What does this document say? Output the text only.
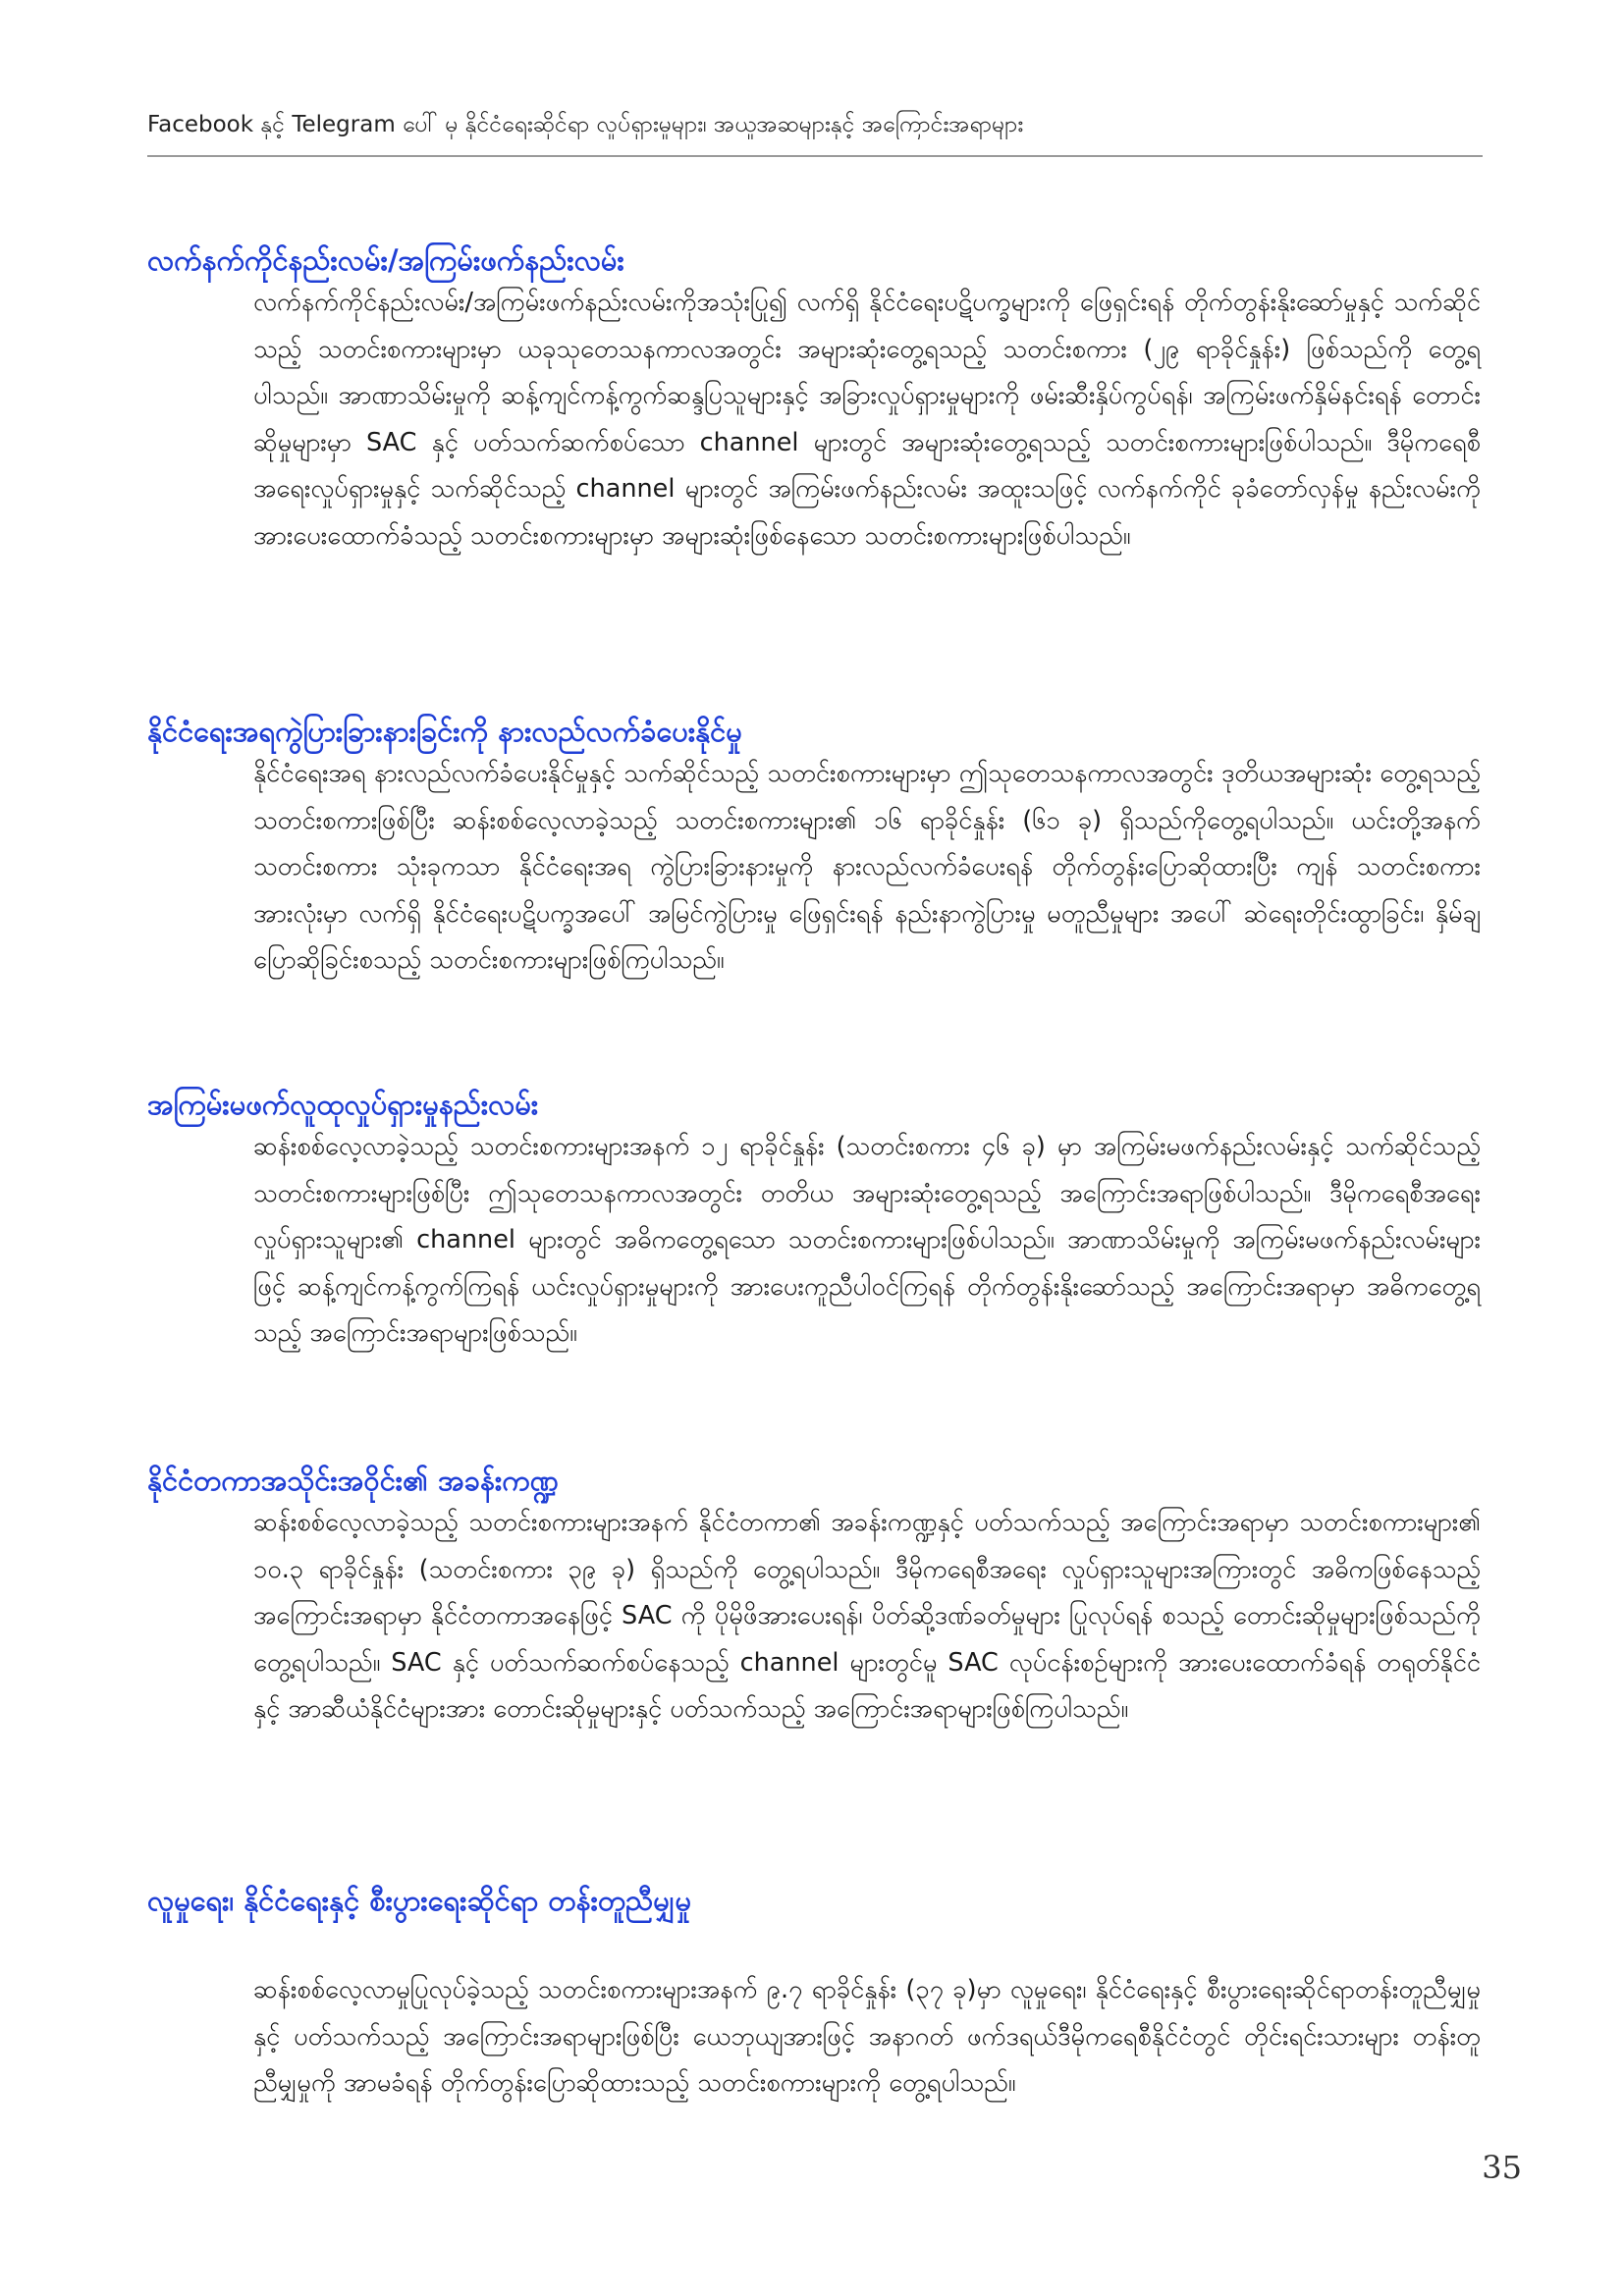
Facebook နှင့် Telegram ပေါ် မှ နိုင်ငံရေးဆိုင်ရာ လှုပ်ရှားမှုများ၊ အယူအဆများနှင့် အကြောင်းအရာများ
လက်နက်ကိုင်နည်းလမ်း/အကြမ်းဖက်နည်းလမ်း

လက်နက်ကိုင်နည်းလမ်း/အကြမ်းဖက်နည်းလမ်းကိုအသုံးပြု၍ လက်ရှိ နိုင်ငံရေးပဋိပက္ခများကို ဖြေရှင်းရန် တိုက်တွန်းနိုးဆော်မှုနှင့် သက်ဆိုင်သည့် သတင်းစကားများမှာ ယခုသုတေသနကာလအတွင်း အများဆုံးတွေ့ရသည့် သတင်းစကား (၂၉ ရာခိုင်နှုန်း) ဖြစ်သည်ကို တွေ့ရပါသည်။ အာဏာသိမ်းမှုကို ဆန့်ကျင်ကန့်ကွက်ဆန္ဒပြသူများနှင့် အခြားလှုပ်ရှားမှုများကို ဖမ်းဆီးနှိပ်ကွပ်ရန်၊ အကြမ်းဖက်နှိမ်နင်းရန် တောင်းဆိုမှုများမှာ SAC နှင့် ပတ်သက်ဆက်စပ်သော channel များတွင် အများဆုံးတွေ့ရသည့် သတင်းစကားများဖြစ်ပါသည်။ ဒီမိုကရေစီအရေးလှုပ်ရှားမှုနှင့် သက်ဆိုင်သည့် channel များတွင် အကြမ်းဖက်နည်းလမ်း အထူးသဖြင့် လက်နက်ကိုင် ခုခံတော်လှန်မှု နည်းလမ်းကို အားပေးထောက်ခံသည့် သတင်းစကားများမှာ အများဆုံးဖြစ်နေသော သတင်းစကားများဖြစ်ပါသည်။

နိုင်ငံရေးအရကွဲပြားခြားနားခြင်းကို နားလည်လက်ခံပေးနိုင်မှု

နိုင်ငံရေးအရ နားလည်လက်ခံပေးနိုင်မှုနှင့် သက်ဆိုင်သည့် သတင်းစကားများမှာ ဤသုတေသနကာလအတွင်း ဒုတိယအများဆုံး တွေ့ရသည့် သတင်းစကားဖြစ်ပြီး ဆန်းစစ်လေ့လာခဲ့သည့် သတင်းစကားများ၏ ၁၆ ရာခိုင်နှုန်း (၆၁ ခု) ရှိသည်ကိုတွေ့ရပါသည်။ ယင်းတို့အနက် သတင်းစကား သုံးခုကသာ နိုင်ငံရေးအရ ကွဲပြားခြားနားမှုကို နားလည်လက်ခံပေးရန် တိုက်တွန်းပြောဆိုထားပြီး ကျန် သတင်းစကား အားလုံးမှာ လက်ရှိ နိုင်ငံရေးပဋိပက္ခအပေါ် အမြင်ကွဲပြားမှု ဖြေရှင်းရန် နည်းနာကွဲပြားမှု မတူညီမှုများ အပေါ် ဆဲရေးတိုင်းထွာခြင်း၊ နှိမ်ချပြောဆိုခြင်းစသည့် သတင်းစကားများဖြစ်ကြပါသည်။

အကြမ်းမဖက်လူထုလှုပ်ရှားမှုနည်းလမ်း

ဆန်းစစ်လေ့လာခဲ့သည့် သတင်းစကားများအနက် ၁၂ ရာခိုင်နှုန်း (သတင်းစကား ၄၆ ခု) မှာ အကြမ်းမဖက်နည်းလမ်းနှင့် သက်ဆိုင်သည့် သတင်းစကားများဖြစ်ပြီး ဤသုတေသနကာလအတွင်း တတိယ အများဆုံးတွေ့ရသည့် အကြောင်းအရာဖြစ်ပါသည်။ ဒီမိုကရေစီအရေးလှုပ်ရှားသူများ၏ channel များတွင် အဓိကတွေ့ရသော သတင်းစကားများဖြစ်ပါသည်။ အာဏာသိမ်းမှုကို အကြမ်းမဖက်နည်းလမ်းများဖြင့် ဆန့်ကျင်ကန့်ကွက်ကြရန် ယင်းလှုပ်ရှားမှုများကို အားပေးကူညီပါဝင်ကြရန် တိုက်တွန်းနိုးဆော်သည့် အကြောင်းအရာမှာ အဓိကတွေ့ရသည့် အကြောင်းအရာများဖြစ်သည်။

နိုင်ငံတကာအသိုင်းအဝိုင်း၏ အခန်းကဏ္ဍ

ဆန်းစစ်လေ့လာခဲ့သည့် သတင်းစကားများအနက် နိုင်ငံတကာ၏ အခန်းကဏ္ဍနှင့် ပတ်သက်သည့် အကြောင်းအရာမှာ သတင်းစကားများ၏ ၁၀.၃ ရာခိုင်နှုန်း (သတင်းစကား ၃၉ ခု) ရှိသည်ကို တွေ့ရပါသည်။ ဒီမိုကရေစီအရေး လှုပ်ရှားသူများအကြားတွင် အဓိကဖြစ်နေသည့် အကြောင်းအရာမှာ နိုင်ငံတကာအနေဖြင့် SAC ကို ပိုမိုဖိအားပေးရန်၊ ပိတ်ဆို့ဒဏ်ခတ်မှုများ ပြုလုပ်ရန် စသည့် တောင်းဆိုမှုများဖြစ်သည်ကို တွေ့ရပါသည်။ SAC နှင့် ပတ်သက်ဆက်စပ်နေသည့် channel များတွင်မူ SAC လုပ်ငန်းစဉ်များကို အားပေးထောက်ခံရန် တရုတ်နိုင်ငံနှင့် အာဆီယံနိုင်ငံများအား တောင်းဆိုမှုများနှင့် ပတ်သက်သည့် အကြောင်းအရာများဖြစ်ကြပါသည်။

လူမှုရေး၊ နိုင်ငံရေးနှင့် စီးပွားရေးဆိုင်ရာ တန်းတူညီမျှမှု

ဆန်းစစ်လေ့လာမှုပြုလုပ်ခဲ့သည့် သတင်းစကားများအနက် ၉.၇ ရာခိုင်နှုန်း (၃၇ ခု)မှာ လူမှုရေး၊ နိုင်ငံရေးနှင့် စီးပွားရေးဆိုင်ရာတန်းတူညီမျှမှုနှင့် ပတ်သက်သည့် အကြောင်းအရာများဖြစ်ပြီး ယေဘုယျအားဖြင့် အနာဂတ် ဖက်ဒရယ်ဒီမိုကရေစီနိုင်ငံတွင် တိုင်းရင်းသားများ တန်းတူညီမျှမှုကို အာမခံရန် တိုက်တွန်းပြောဆိုထားသည့် သတင်းစကားများကို တွေ့ရပါသည်။

35
